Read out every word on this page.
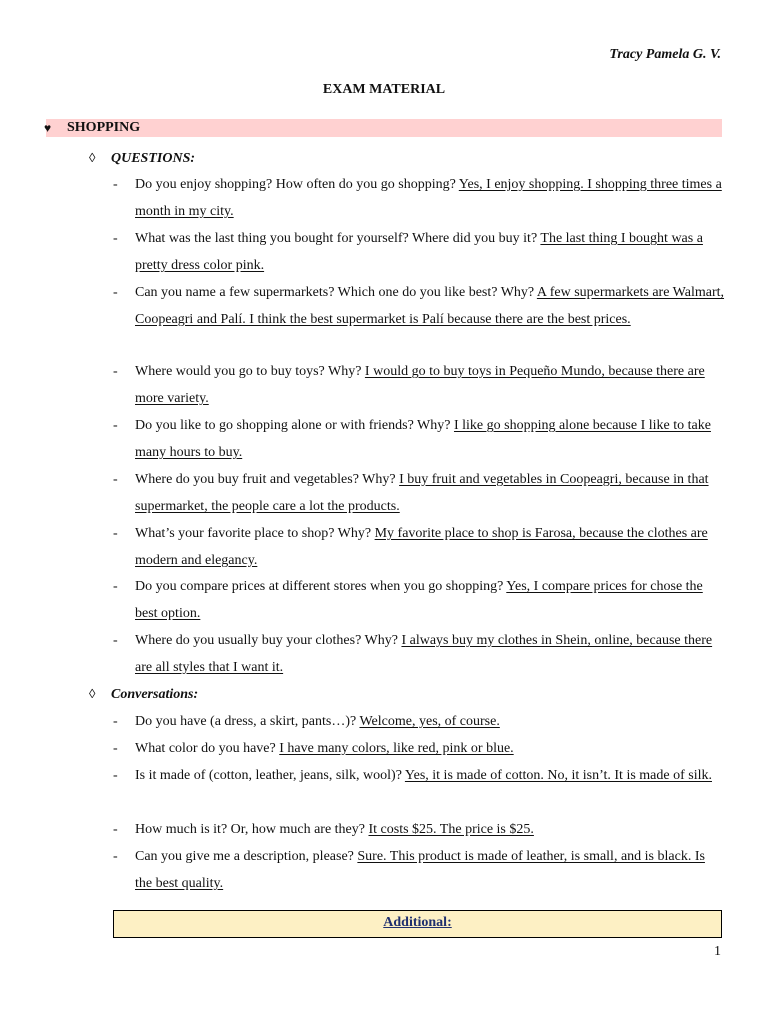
Tracy Pamela G. V.
EXAM MATERIAL
♥ SHOPPING
◊ QUESTIONS:
- Do you enjoy shopping? How often do you go shopping? Yes, I enjoy shopping. I shopping three times a month in my city.
- What was the last thing you bought for yourself? Where did you buy it? The last thing I bought was a pretty dress color pink.
- Can you name a few supermarkets? Which one do you like best? Why? A few supermarkets are Walmart, Coopeagri and Palí. I think the best supermarket is Palí because there are the best prices.
- Where would you go to buy toys? Why? I would go to buy toys in Pequeño Mundo, because there are more variety.
- Do you like to go shopping alone or with friends? Why? I like go shopping alone because I like to take many hours to buy.
- Where do you buy fruit and vegetables? Why? I buy fruit and vegetables in Coopeagri, because in that supermarket, the people care a lot the products.
- What’s your favorite place to shop? Why? My favorite place to shop is Farosa, because the clothes are modern and elegancy.
- Do you compare prices at different stores when you go shopping? Yes, I compare prices for chose the best option.
- Where do you usually buy your clothes? Why? I always buy my clothes in Shein, online, because there are all styles that I want it.
◊ Conversations:
- Do you have (a dress, a skirt, pants…)? Welcome, yes, of course.
- What color do you have? I have many colors, like red, pink or blue.
- Is it made of (cotton, leather, jeans, silk, wool)? Yes, it is made of cotton. No, it isn’t. It is made of silk.
- How much is it? Or, how much are they? It costs $25. The price is $25.
- Can you give me a description, please? Sure. This product is made of leather, is small, and is black. Is the best quality.
Additional:
1
